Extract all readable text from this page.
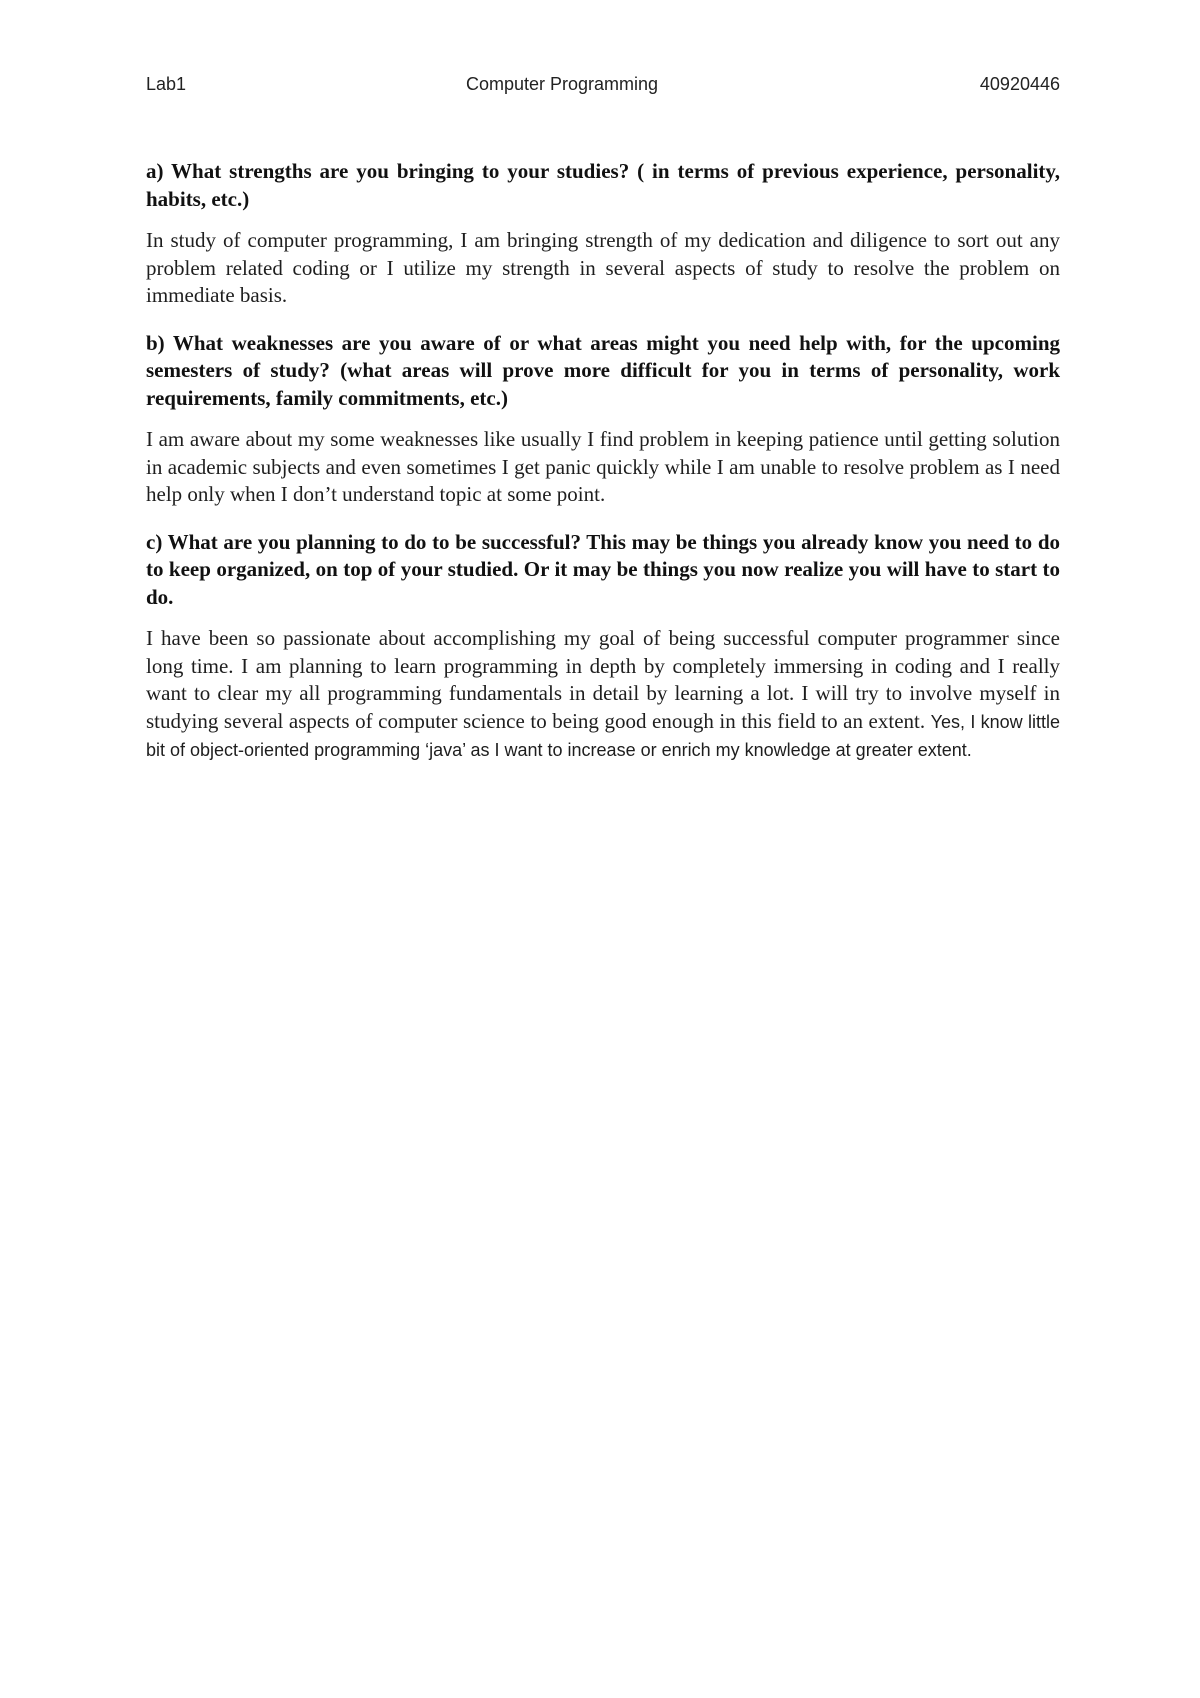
Lab1	Computer Programming	40920446

a) What strengths are you bringing to your studies? ( in terms of previous experience, personality, habits, etc.)

In study of computer programming, I am bringing strength of my dedication and diligence to sort out any problem related coding or I utilize my strength in several aspects of study to resolve the problem on immediate basis.

b) What weaknesses are you aware of or what areas might you need help with, for the upcoming semesters of study? (what areas will prove more difficult for you in terms of personality, work requirements, family commitments, etc.)

I am aware about my some weaknesses like usually I find problem in keeping patience until getting solution in academic subjects and even sometimes I get panic quickly while I am unable to resolve problem as I need help only when I don’t understand topic at some point.

c) What are you planning to do to be successful? This may be things you already know you need to do to keep organized, on top of your studied. Or it may be things you now realize you will have to start to do.

I have been so passionate about accomplishing my goal of being successful computer programmer since long time. I am planning to learn programming in depth by completely immersing in coding and I really want to clear my all programming fundamentals in detail by learning a lot. I will try to involve myself in studying several aspects of computer science to being good enough in this field to an extent. Yes, I know little bit of object-oriented programming ‘java’ as I want to increase or enrich my knowledge at greater extent.
